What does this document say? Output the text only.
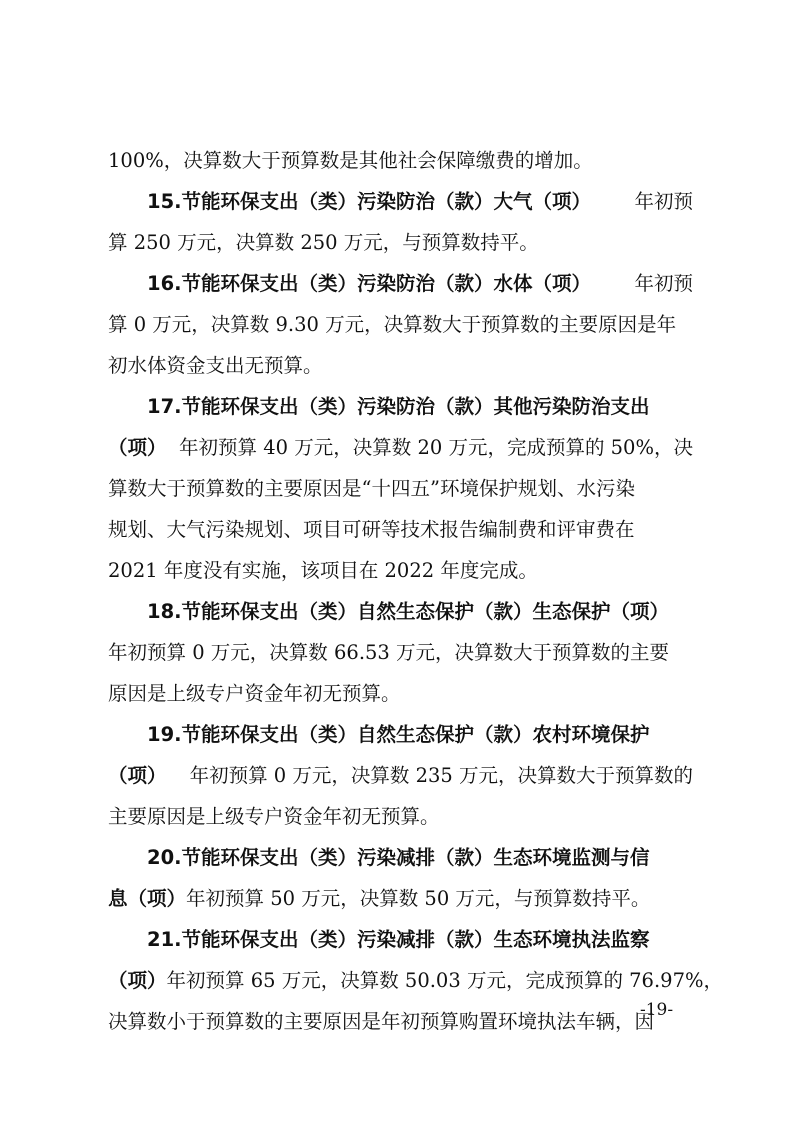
100%，决算数大于预算数是其他社会保障缴费的增加。
15.节能环保支出（类）污染防治（款）大气（项） 年初预
算 250 万元，决算数 250 万元，与预算数持平。
16.节能环保支出（类）污染防治（款）水体（项） 年初预
算 0 万元，决算数 9.30 万元，决算数大于预算数的主要原因是年
初水体资金支出无预算。
17.节能环保支出（类）污染防治（款）其他污染防治支出
（项） 年初预算 40 万元，决算数 20 万元，完成预算的 50%，决
算数大于预算数的主要原因是“十四五”环境保护规划、水污染
规划、大气污染规划、项目可研等技术报告编制费和评审费在
2021 年度没有实施，该项目在 2022 年度完成。
18.节能环保支出（类）自然生态保护（款）生态保护（项）
年初预算 0 万元，决算数 66.53 万元，决算数大于预算数的主要
原因是上级专户资金年初无预算。
19.节能环保支出（类）自然生态保护（款）农村环境保护
（项） 年初预算 0 万元，决算数 235 万元，决算数大于预算数的
主要原因是上级专户资金年初无预算。
20.节能环保支出（类）污染减排（款）生态环境监测与信
息（项） 年初预算 50 万元，决算数 50 万元，与预算数持平。
21.节能环保支出（类）污染减排（款）生态环境执法监察
（项） 年初预算 65 万元，决算数 50.03 万元，完成预算的 76.97%，
决算数小于预算数的主要原因是年初预算购置环境执法车辆，因
-19-
